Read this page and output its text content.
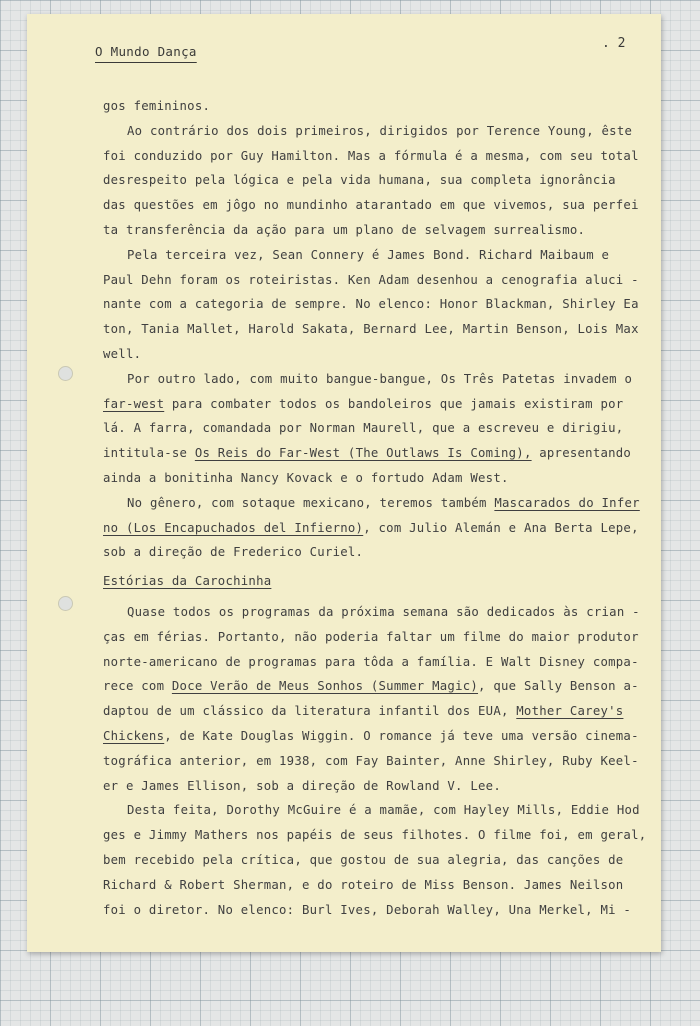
O Mundo Dança
. 2
gos femininos.
Ao contrário dos dois primeiros, dirigidos por Terence Young, êste
foi conduzido por Guy Hamilton. Mas a fórmula é a mesma, com seu total
desrespeito pela lógica e pela vida humana, sua completa ignorância
das questões em jôgo no mundinho atarantado em que vivemos, sua perfei
ta transferência da ação para um plano de selvagem surrealismo.
Pela terceira vez, Sean Connery é James Bond. Richard Maibaum e
Paul Dehn foram os roteiristas. Ken Adam desenhou a cenografia aluci -
nante com a categoria de sempre. No elenco: Honor Blackman, Shirley Ea
ton, Tania Mallet, Harold Sakata, Bernard Lee, Martin Benson, Lois Max
well.
Por outro lado, com muito bangue-bangue, Os Três Patetas invadem o
far-west para combater todos os bandoleiros que jamais existiram por
lá. A farra, comandada por Norman Maurell, que a escreveu e dirigiu,
intitula-se Os Reis do Far-West (The Outlaws Is Coming), apresentando
ainda a bonitinha Nancy Kovack e o fortudo Adam West.
No gênero, com sotaque mexicano, teremos também Mascarados do Infer
no (Los Encapuchados del Infierno), com Julio Alemán e Ana Berta Lepe,
sob a direção de Frederico Curiel.
Estórias da Carochinha
Quase todos os programas da próxima semana são dedicados às crian -
ças em férias. Portanto, não poderia faltar um filme do maior produtor
norte-americano de programas para tôda a família. E Walt Disney compa-
rece com Doce Verão de Meus Sonhos (Summer Magic), que Sally Benson a-
daptou de um clássico da literatura infantil dos EUA, Mother Carey's
Chickens, de Kate Douglas Wiggin. O romance já teve uma versão cinema-
tográfica anterior, em 1938, com Fay Bainter, Anne Shirley, Ruby Keel-
er e James Ellison, sob a direção de Rowland V. Lee.
Desta feita, Dorothy McGuire é a mamãe, com Hayley Mills, Eddie Hod
ges e Jimmy Mathers nos papéis de seus filhotes. O filme foi, em geral,
bem recebido pela crítica, que gostou de sua alegria, das canções de
Richard & Robert Sherman, e do roteiro de Miss Benson. James Neilson
foi o diretor. No elenco: Burl Ives, Deborah Walley, Una Merkel, Mi -
